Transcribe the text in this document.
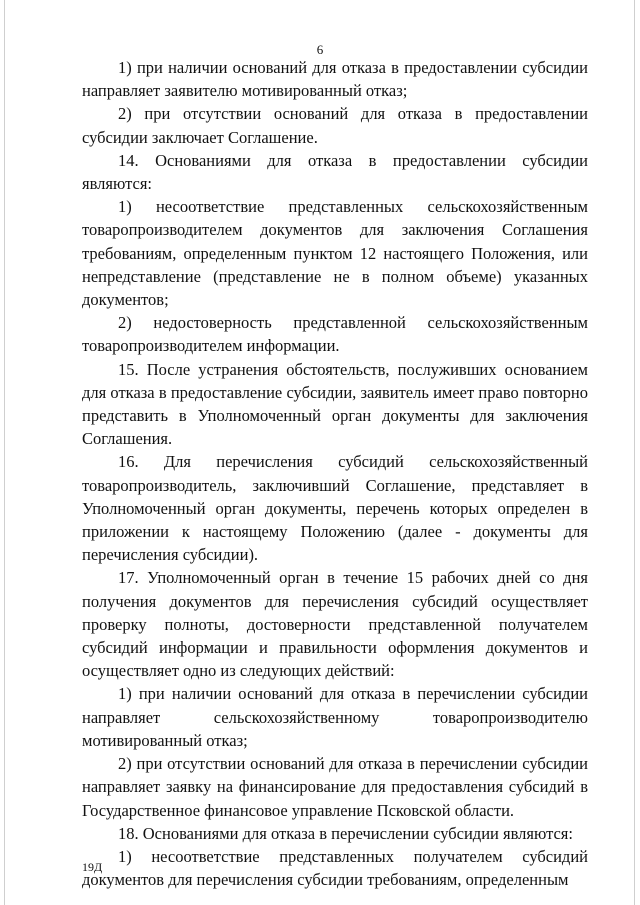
6

1) при наличии оснований для отказа в предоставлении субсидии направляет заявителю мотивированный отказ;

2) при отсутствии оснований для отказа в предоставлении субсидии заключает Соглашение.

14. Основаниями для отказа в предоставлении субсидии являются:

1) несоответствие представленных сельскохозяйственным товаропроизводителем документов для заключения Соглашения требованиям, определенным пунктом 12 настоящего Положения, или непредставление (представление не в полном объеме) указанных документов;

2) недостоверность представленной сельскохозяйственным товаропроизводителем информации.

15. После устранения обстоятельств, послуживших основанием для отказа в предоставление субсидии, заявитель имеет право повторно представить в Уполномоченный орган документы для заключения Соглашения.

16. Для перечисления субсидий сельскохозяйственный товаропроизводитель, заключивший Соглашение, представляет в Уполномоченный орган документы, перечень которых определен в приложении к настоящему Положению (далее - документы для перечисления субсидии).

17. Уполномоченный орган в течение 15 рабочих дней со дня получения документов для перечисления субсидий осуществляет проверку полноты, достоверности представленной получателем субсидий информации и правильности оформления документов и осуществляет одно из следующих действий:

1) при наличии оснований для отказа в перечислении субсидии направляет сельскохозяйственному товаропроизводителю мотивированный отказ;

2) при отсутствии оснований для отказа в перечислении субсидии направляет заявку на финансирование для предоставления субсидий в Государственное финансовое управление Псковской области.

18. Основаниями для отказа в перечислении субсидии являются:

1) несоответствие представленных получателем субсидий документов для перечисления субсидии требованиям, определенным

19Д
